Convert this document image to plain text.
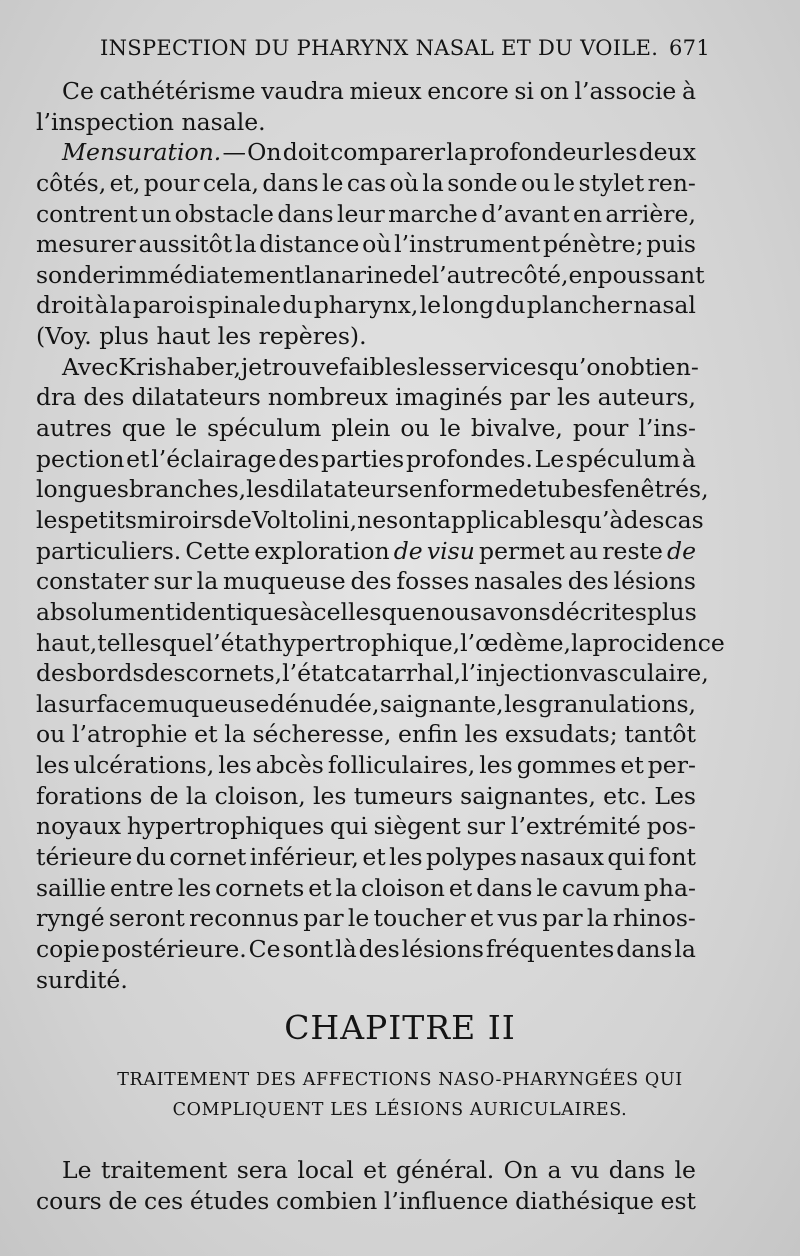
INSPECTION DU PHARYNX NASAL ET DU VOILE. 671
Ce cathétérisme vaudra mieux encore si on l’associe à
l’inspection nasale.
Mensuration. — On doit comparer la profondeur les deux
côtés, et, pour cela, dans le cas où la sonde ou le stylet ren-
contrent un obstacle dans leur marche d’avant en arrière,
mesurer aussitôt la distance où l’instrument pénètre; puis
sonder immédiatement la narine de l’autre côté, en poussant
droit à la paroi spinale du pharynx, le long du plancher nasal
(Voy. plus haut les repères).
Avec Krishaber, je trouve faibles les services qu’on obtien-
dra des dilatateurs nombreux imaginés par les auteurs,
autres que le spéculum plein ou le bivalve, pour l’ins-
pection et l’éclairage des parties profondes. Le spéculum à
longues branches, les dilatateurs en forme de tubes fenêtrés,
les petits miroirs de Voltolini, ne sont applicables qu’à des cas
particuliers. Cette exploration de visu permet au reste de
constater sur la muqueuse des fosses nasales des lésions
absolument identiques à celles que nous avons décrites plus
haut, telles que l’état hypertrophique, l’œdème, la procidence
des bords des cornets, l’état catarrhal, l’injection vasculaire,
la surface muqueuse dénudée, saignante, les granulations,
ou l’atrophie et la sécheresse, enfin les exsudats; tantôt
les ulcérations, les abcès folliculaires, les gommes et per-
forations de la cloison, les tumeurs saignantes, etc. Les
noyaux hypertrophiques qui siègent sur l’extrémité pos-
térieure du cornet inférieur, et les polypes nasaux qui font
saillie entre les cornets et la cloison et dans le cavum pha-
ryngé seront reconnus par le toucher et vus par la rhinos-
copie postérieure. Ce sont là des lésions fréquentes dans la
surdité.
CHAPITRE II
TRAITEMENT DES AFFECTIONS NASO-PHARYNGÉES QUI
COMPLIQUENT LES LÉSIONS AURICULAIRES.
Le traitement sera local et général. On a vu dans le
cours de ces études combien l’influence diathésique est
